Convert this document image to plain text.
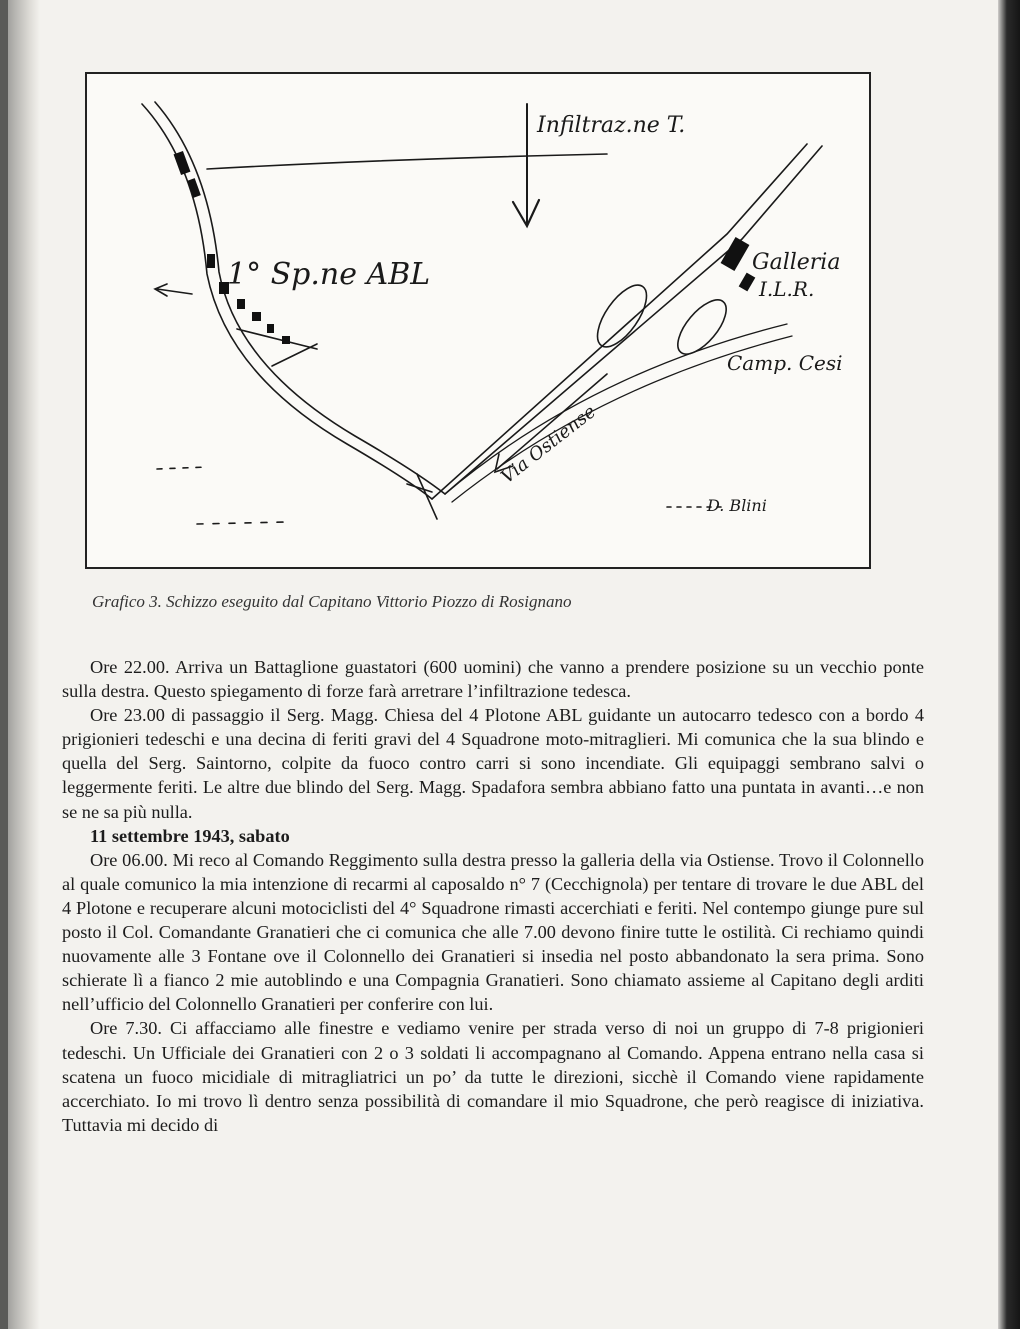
Infiltraz.ne T.
1° Sp.ne ABL	Galleria
I.L.R.
Camp. Cesi
Via Ostiense
D. Blini
Grafico 3. Schizzo eseguito dal Capitano Vittorio Piozzo di Rosignano

Ore 22.00. Arriva un Battaglione guastatori (600 uomini) che vanno a prendere posizione su un vecchio ponte sulla destra. Questo spiegamento di forze farà arretrare l’infiltrazione tedesca.

Ore 23.00 di passaggio il Serg. Magg. Chiesa del 4 Plotone ABL guidante un autocarro tedesco con a bordo 4 prigionieri tedeschi e una decina di feriti gravi del 4 Squadrone moto-mitraglieri. Mi comunica che la sua blindo e quella del Serg. Saintorno, colpite da fuoco contro carri si sono incendiate. Gli equipaggi sembrano salvi o leggermente feriti. Le altre due blindo del Serg. Magg. Spadafora sembra abbiano fatto una puntata in avanti…e non se ne sa più nulla.

11 settembre 1943, sabato

Ore 06.00. Mi reco al Comando Reggimento sulla destra presso la galleria della via Ostiense. Trovo il Colonnello al quale comunico la mia intenzione di recarmi al caposaldo n° 7 (Cecchignola) per tentare di trovare le due ABL del 4 Plotone e recuperare alcuni motociclisti del 4° Squadrone rimasti accerchiati e feriti. Nel contempo giunge pure sul posto il Col. Comandante Granatieri che ci comunica che alle 7.00 devono finire tutte le ostilità. Ci rechiamo quindi nuovamente alle 3 Fontane ove il Colonnello dei Granatieri si insedia nel posto abbandonato la sera prima. Sono schierate lì a fianco 2 mie autoblindo e una Compagnia Granatieri. Sono chiamato assieme al Capitano degli arditi nell’ufficio del Colonnello Granatieri per conferire con lui.

Ore 7.30. Ci affacciamo alle finestre e vediamo venire per strada verso di noi un gruppo di 7-8 prigionieri tedeschi. Un Ufficiale dei Granatieri con 2 o 3 soldati li accompagnano al Comando. Appena entrano nella casa si scatena un fuoco micidiale di mitragliatrici un po’ da tutte le direzioni, sicchè il Comando viene rapidamente accerchiato. Io mi trovo lì dentro senza possibilità di comandare il mio Squadrone, che però reagisce di iniziativa. Tuttavia mi decido di
